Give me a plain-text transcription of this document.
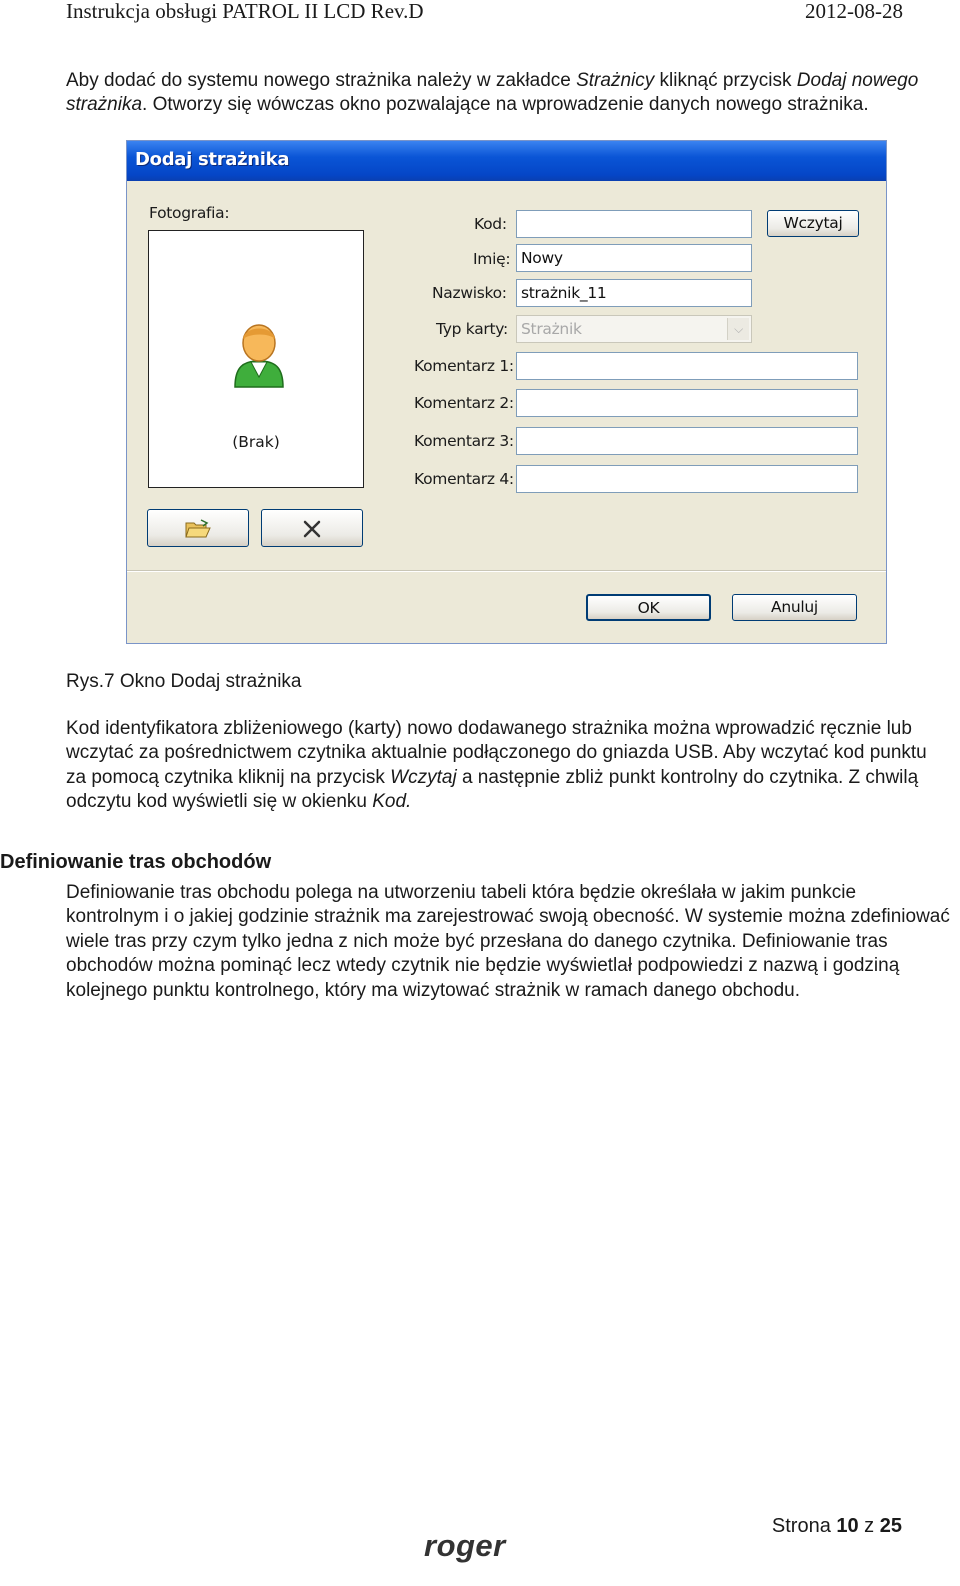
Instrukcja obsługi PATROL II LCD Rev.D	2012-08-28
Aby dodać do systemu nowego strażnika należy w zakładce Strażnicy kliknąć przycisk Dodaj nowego strażnika. Otworzy się wówczas okno pozwalające na wprowadzenie danych nowego strażnika.
Dodaj strażnika
Fotografia:
(Brak)
Kod:	Wczytaj
Imię: Nowy
Nazwisko: strażnik_11
Typ karty: Strażnik	⌵
Komentarz 1:
Komentarz 2:
Komentarz 3:
Komentarz 4:
OK	Anuluj
Rys.7 Okno Dodaj strażnika
Kod identyfikatora zbliżeniowego (karty) nowo dodawanego strażnika można wprowadzić ręcznie lub wczytać za pośrednictwem czytnika aktualnie podłączonego do gniazda USB. Aby wczytać kod punktu za pomocą czytnika kliknij na przycisk Wczytaj a następnie zbliż punkt kontrolny do czytnika. Z chwilą odczytu kod wyświetli się w okienku Kod.
Definiowanie tras obchodów
Definiowanie tras obchodu polega na utworzeniu tabeli która będzie określała w jakim punkcie kontrolnym i o jakiej godzinie strażnik ma zarejestrować swoją obecność. W systemie można zdefiniować wiele tras przy czym tylko jedna z nich może być przesłana do danego czytnika. Definiowanie tras obchodów można pominąć lecz wtedy czytnik nie będzie wyświetlał podpowiedzi z nazwą i godziną kolejnego punktu kontrolnego, który ma wizytować strażnik w ramach danego obchodu.
Strona 10 z 25
roger
